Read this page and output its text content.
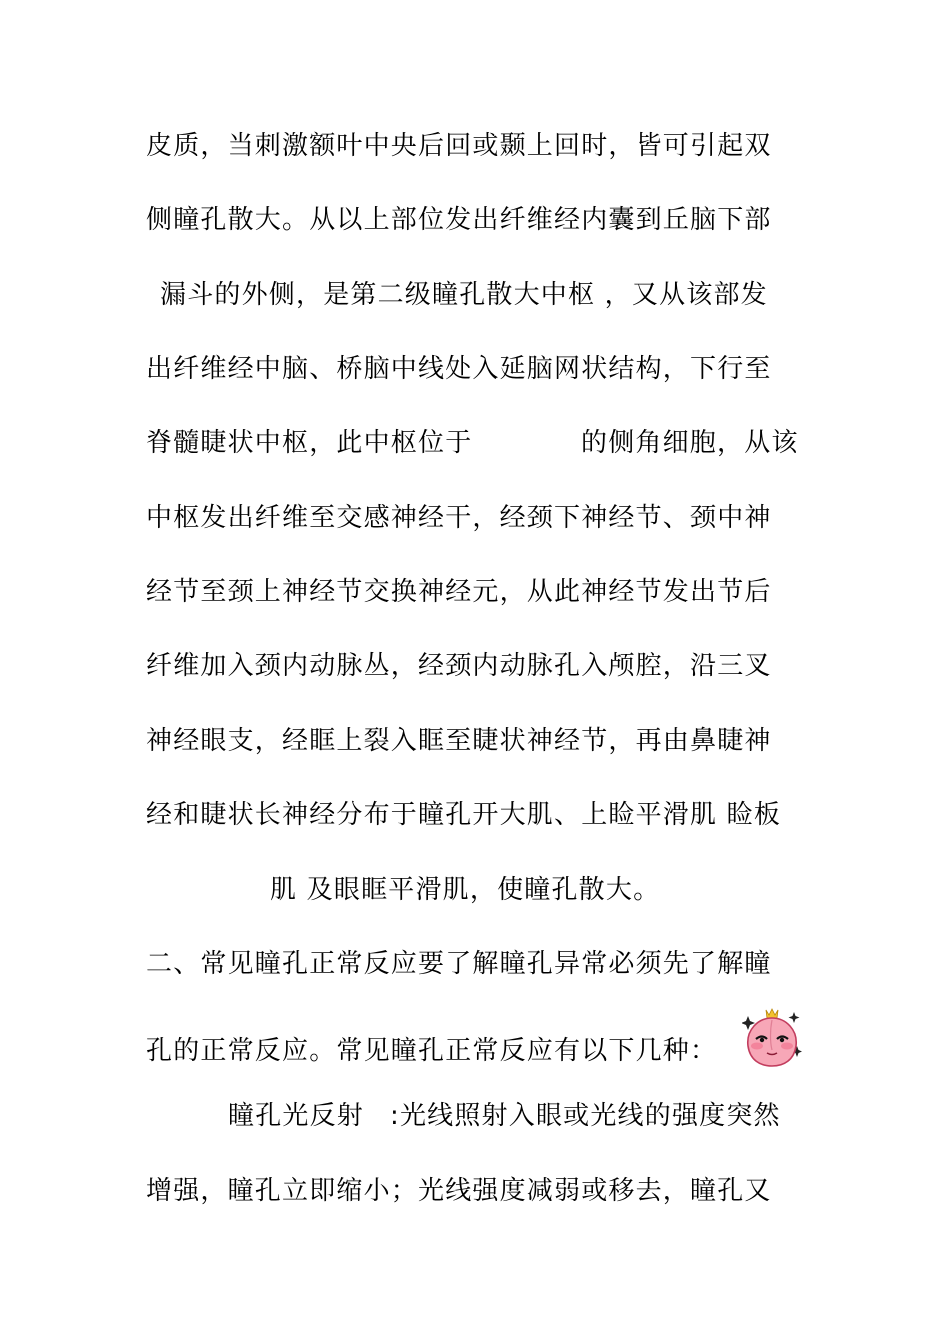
皮质，当刺激额叶中央后回或颞上回时，皆可引起双
侧瞳孔散大。从以上部位发出纤维经内囊到丘脑下部
漏斗的外侧，是第二级瞳孔散大中枢 ，又从该部发
出纤维经中脑、桥脑中线处入延脑网状结构，下行至
脊髓睫状中枢，此中枢位于	的侧角细胞，从该
中枢发出纤维至交感神经干，经颈下神经节、颈中神
经节至颈上神经节交换神经元，从此神经节发出节后
纤维加入颈内动脉丛，经颈内动脉孔入颅腔，沿三叉
神经眼支，经眶上裂入眶至睫状神经节，再由鼻睫神
经和睫状长神经分布于瞳孔开大肌、上睑平滑肌 睑板
肌 及眼眶平滑肌，使瞳孔散大。
二、常见瞳孔正常反应要了解瞳孔异常必须先了解瞳
孔的正常反应。常见瞳孔正常反应有以下几种：
瞳孔光反射 :光线照射入眼或光线的强度突然
增强，瞳孔立即缩小；光线强度减弱或移去，瞳孔又
